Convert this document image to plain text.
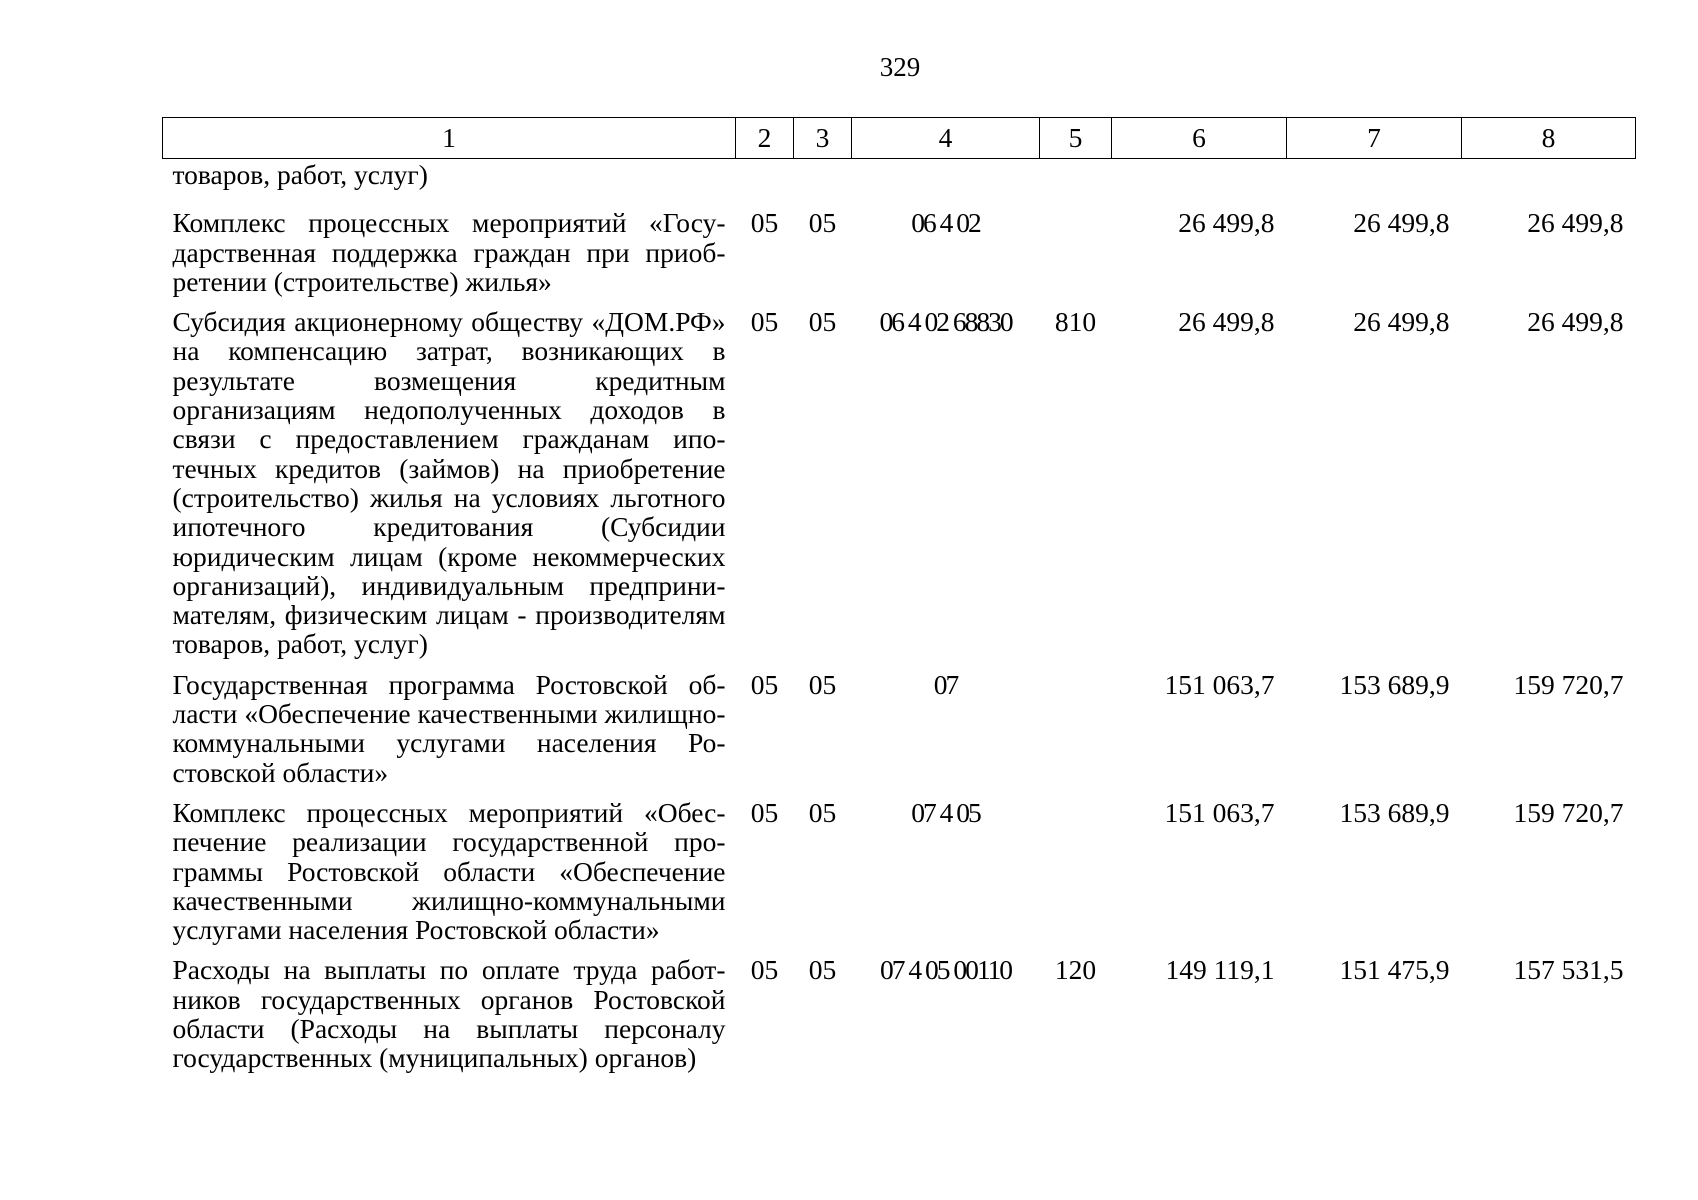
329
1	2	3	4	5	6	7	8
товаров, работ, услуг)							
Комплекс процессных мероприятий «Государственная поддержка граждан при приобретении (строительстве) жилья»	05	05	06 4 02		26 499,8	26 499,8	26 499,8
Субсидия акционерному обществу «ДОМ.РФ» на компенсацию затрат, возникающих в результате возмещения кредитным организациям недополученных доходов в связи с предоставлением гражданам ипотечных кредитов (займов) на приобретение (строительство) жилья на условиях льготного ипотечного кредитования (Субсидии юридическим лицам (кроме некоммерческих организаций), индивидуальным предпринимателям, физическим лицам - производителям товаров, работ, услуг)	05	05	06 4 02 68830	810	26 499,8	26 499,8	26 499,8
Государственная программа Ростовской области «Обеспечение качественными жилищно-коммунальными услугами населения Ростовской области»	05	05	07		151 063,7	153 689,9	159 720,7
Комплекс процессных мероприятий «Обеспечение реализации государственной программы Ростовской области «Обеспечение качественными жилищно-коммунальными услугами населения Ростовской области»	05	05	07 4 05		151 063,7	153 689,9	159 720,7
Расходы на выплаты по оплате труда работников государственных органов Ростовской области (Расходы на выплаты персоналу государственных (муниципальных) органов)	05	05	07 4 05 00110	120	149 119,1	151 475,9	157 531,5
